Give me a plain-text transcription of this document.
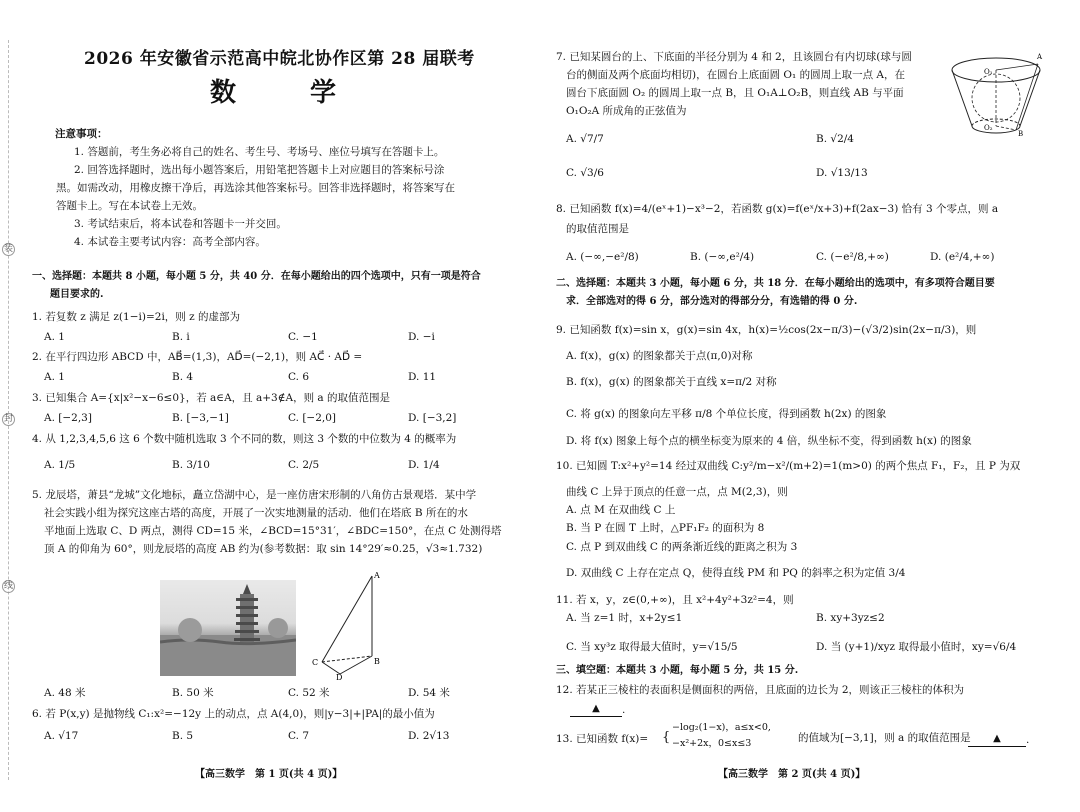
装
封
线
2026 年安徽省示范高中皖北协作区第 28 届联考
数　学
注意事项：
1. 答题前，考生务必将自己的姓名、考生号、考场号、座位号填写在答题卡上。
2. 回答选择题时，选出每小题答案后，用铅笔把答题卡上对应题目的答案标号涂
黑。如需改动，用橡皮擦干净后，再选涂其他答案标号。回答非选择题时，将答案写在
答题卡上。写在本试卷上无效。
3. 考试结束后，将本试卷和答题卡一并交回。
4. 本试卷主要考试内容：高考全部内容。
一、选择题：本题共 8 小题，每小题 5 分，共 40 分．在每小题给出的四个选项中，只有一项是符合
题目要求的.
1. 若复数 z 满足 z(1−i)=2i，则 z 的虚部为
A. 1	B. i	C. −1	D. −i
2. 在平行四边形 ABCD 中，AB⃗=(1,3)，AD⃗=(−2,1)，则 AC⃗ · AD⃗ =
A. 1	B. 4	C. 6	D. 11
3. 已知集合 A={x|x²−x−6≤0}，若 a∈A，且 a+3∉A，则 a 的取值范围是
A. [−2,3]	B. [−3,−1]	C. [−2,0]	D. [−3,2]
4. 从 1,2,3,4,5,6 这 6 个数中随机选取 3 个不同的数，则这 3 个数的中位数为 4 的概率为
A. 1/5	B. 3/10	C. 2/5	D. 1/4
5. 龙辰塔，萧县“龙城”文化地标，矗立岱湖中心，是一座仿唐宋形制的八角仿古景观塔．某中学
社会实践小组为探究这座古塔的高度，开展了一次实地测量的活动．他们在塔底 B 所在的水
平地面上选取 C、D 两点，测得 CD=15 米，∠BCD=15°31′，∠BDC=150°，在点 C 处测得塔
顶 A 的仰角为 60°，则龙辰塔的高度 AB 约为(参考数据：取 sin 14°29′≈0.25，√3≈1.732)
A
C	B
D
A. 48 米	B. 50 米	C. 52 米	D. 54 米
6. 若 P(x,y) 是抛物线 C₁:x²=−12y 上的动点，点 A(4,0)，则|y−3|+|PA|的最小值为
A. √17	B. 5	C. 7	D. 2√13
【高三数学　第 1 页(共 4 页)】
7. 已知某圆台的上、下底面的半径分别为 4 和 2，且该圆台有内切球(球与圆
台的侧面及两个底面均相切)，在圆台上底面圆 O₁ 的圆周上取一点 A，在
圆台下底面圆 O₂ 的圆周上取一点 B，且 O₁A⊥O₂B，则直线 AB 与平面
O₁O₂A 所成角的正弦值为
A
O₁
O₂
B
A. √7/7	B. √2/4
C. √3/6	D. √13/13
8. 已知函数 f(x)=4/(eˣ+1)−x³−2，若函数 g(x)=f(eˣ/x+3)+f(2ax−3) 恰有 3 个零点，则 a
的取值范围是
A. (−∞,−e²/8)	B. (−∞,e²/4)	C. (−e²/8,+∞)	D. (e²/4,+∞)
二、选择题：本题共 3 小题，每小题 6 分，共 18 分．在每小题给出的选项中，有多项符合题目要
求．全部选对的得 6 分，部分选对的得部分分，有选错的得 0 分.
9. 已知函数 f(x)=sin x，g(x)=sin 4x，h(x)=½cos(2x−π/3)−(√3/2)sin(2x−π/3)，则
A. f(x)，g(x) 的图象都关于点(π,0)对称
B. f(x)，g(x) 的图象都关于直线 x=π/2 对称
C. 将 g(x) 的图象向左平移 π/8 个单位长度，得到函数 h(2x) 的图象
D. 将 f(x) 图象上每个点的横坐标变为原来的 4 倍，纵坐标不变，得到函数 h(x) 的图象
10. 已知圆 T:x²+y²=14 经过双曲线 C:y²/m−x²/(m+2)=1(m>0) 的两个焦点 F₁，F₂，且 P 为双
曲线 C 上异于顶点的任意一点，点 M(2,3)，则
A. 点 M 在双曲线 C 上
B. 当 P 在圆 T 上时，△PF₁F₂ 的面积为 8
C. 点 P 到双曲线 C 的两条渐近线的距离之积为 3
D. 双曲线 C 上存在定点 Q，使得直线 PM 和 PQ 的斜率之积为定值 3/4
11. 若 x，y，z∈(0,+∞)，且 x²+4y²+3z²=4，则
A. 当 z=1 时，x+2y≤1	B. xy+3yz≤2
C. 当 xy³z 取得最大值时，y=√15/5	D. 当 (y+1)/xyz 取得最小值时，xy=√6/4
三、填空题：本题共 3 小题，每小题 5 分，共 15 分.
12. 若某正三棱柱的表面积是侧面积的两倍，且底面的边长为 2，则该正三棱柱的体积为
▲ .
13. 已知函数 f(x)= {
−log₂(1−x)，a≤x<0,
−x²+2x，0≤x≤3	的值域为[−3,1]，则 a 的取值范围是	▲ .
【高三数学　第 2 页(共 4 页)】
